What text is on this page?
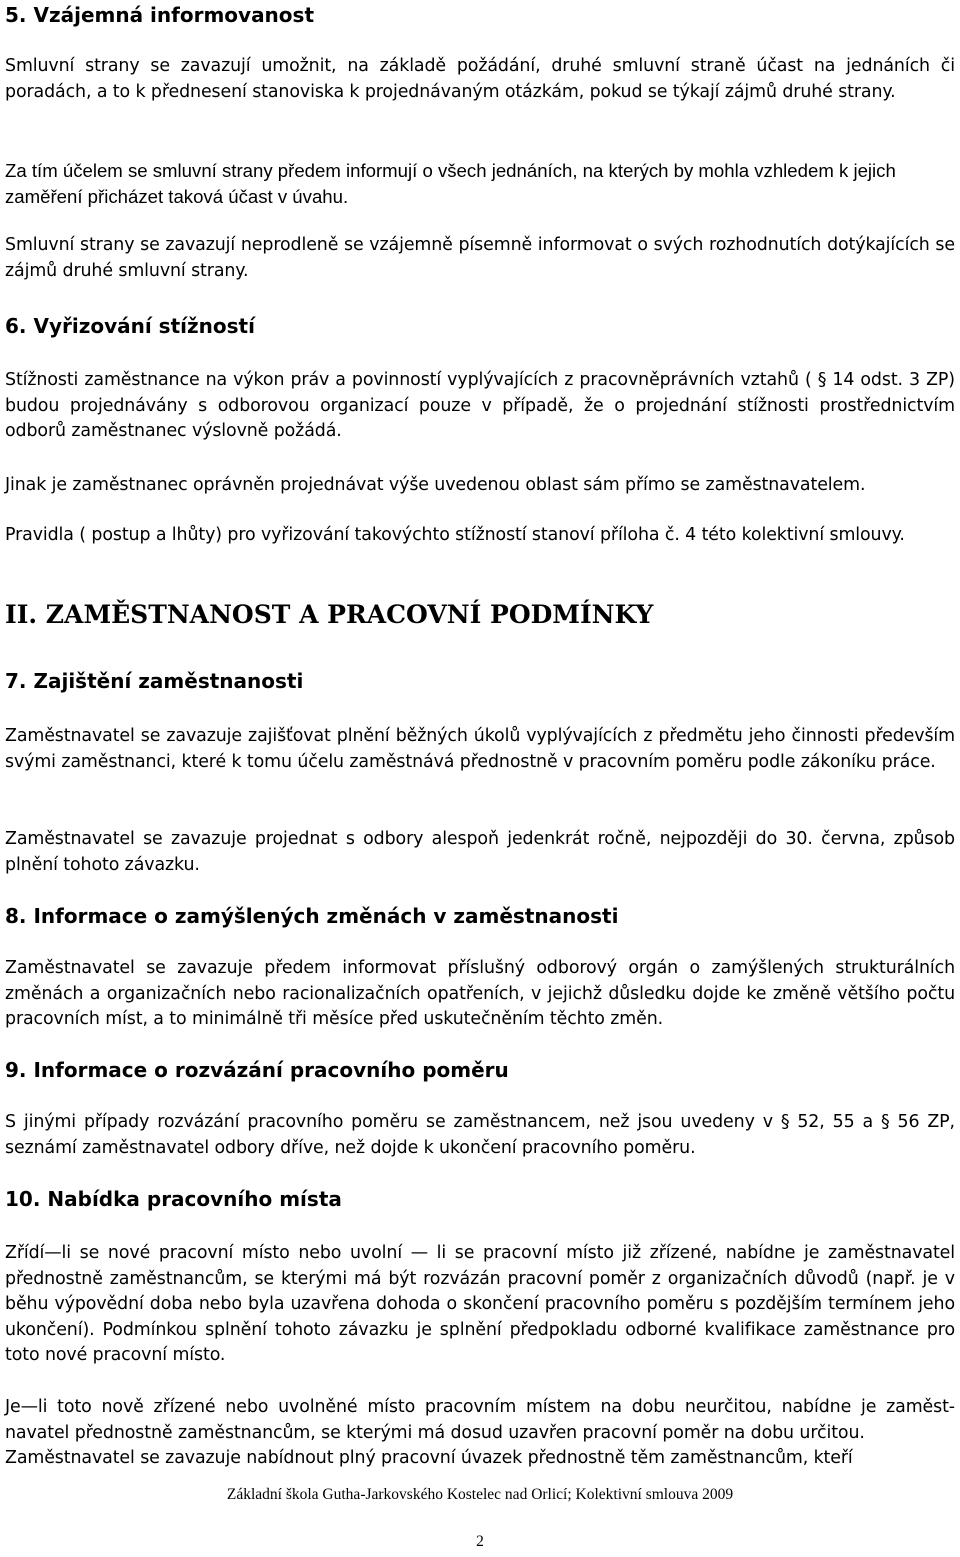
5. Vzájemná informovanost

Smluvní strany se zavazují umožnit, na základě požádání, druhé smluvní straně účast na jednáních či poradách, a to k přednesení stanoviska k projednávaným otázkám, pokud se týkají zájmů druhé strany.

Za tím účelem se smluvní strany předem informují o všech jednáních, na kterých by mohla vzhledem k jejich zaměření přicházet taková účast v úvahu.

Smluvní strany se zavazují neprodleně se vzájemně písemně informovat o svých rozhodnutích dotýkajících se zájmů druhé smluvní strany.

6. Vyřizování stížností

Stížnosti zaměstnance na výkon práv a povinností vyplývajících z pracovněprávních vztahů ( § 14 odst. 3 ZP) budou projednávány s odborovou organizací pouze v případě, že o projednání stížnosti prostřednictvím odborů zaměstnanec výslovně požádá.

Jinak je zaměstnanec oprávněn projednávat výše uvedenou oblast sám přímo se zaměstnavatelem.

Pravidla ( postup a lhůty) pro vyřizování takovýchto stížností stanoví příloha č. 4 této kolektivní smlouvy.

II. ZAMĚSTNANOST A PRACOVNÍ PODMÍNKY
7. Zajištění zaměstnanosti

Zaměstnavatel se zavazuje zajišťovat plnění běžných úkolů vyplývajících z předmětu jeho činnosti především svými zaměstnanci, které k tomu účelu zaměstnává přednostně v pracovním poměru podle zákoníku práce.

Zaměstnavatel se zavazuje projednat s odbory alespoň jedenkrát ročně, nejpozději do 30. června, způsob plnění tohoto závazku.

8. Informace o zamýšlených změnách v zaměstnanosti

Zaměstnavatel se zavazuje předem informovat příslušný odborový orgán o zamýšlených strukturálních změnách a organizačních nebo racionalizačních opatřeních, v jejichž důsledku dojde ke změně většího počtu pracovních míst, a to minimálně tři měsíce před uskutečněním těchto změn.

9. Informace o rozvázání pracovního poměru

S jinými případy rozvázání pracovního poměru se zaměstnancem, než jsou uvedeny v § 52, 55 a § 56 ZP, seznámí zaměstnavatel odbory dříve, než dojde k ukončení pracovního poměru.

10. Nabídka pracovního místa

Zřídí—li se nové pracovní místo nebo uvolní — li se pracovní místo již zřízené, nabídne je zaměstnavatel přednostně zaměstnancům, se kterými má být rozvázán pracovní poměr z organizačních důvodů (např. je v běhu výpovědní doba nebo byla uzavřena dohoda o skončení pracovního poměru s pozdějším termínem jeho ukončení). Podmínkou splnění tohoto závazku je splnění předpokladu odborné kvalifikace zaměstnance pro toto nové pracovní místo.

Je—li toto nově zřízené nebo uvolněné místo pracovním místem na dobu neurčitou, nabídne je zaměst-navatel přednostně zaměstnancům, se kterými má dosud uzavřen pracovní poměr na dobu určitou.

Zaměstnavatel se zavazuje nabídnout plný pracovní úvazek přednostně těm zaměstnancům, kteří

Základní škola Gutha-Jarkovského Kostelec nad Orlicí; Kolektivní smlouva 2009
2
